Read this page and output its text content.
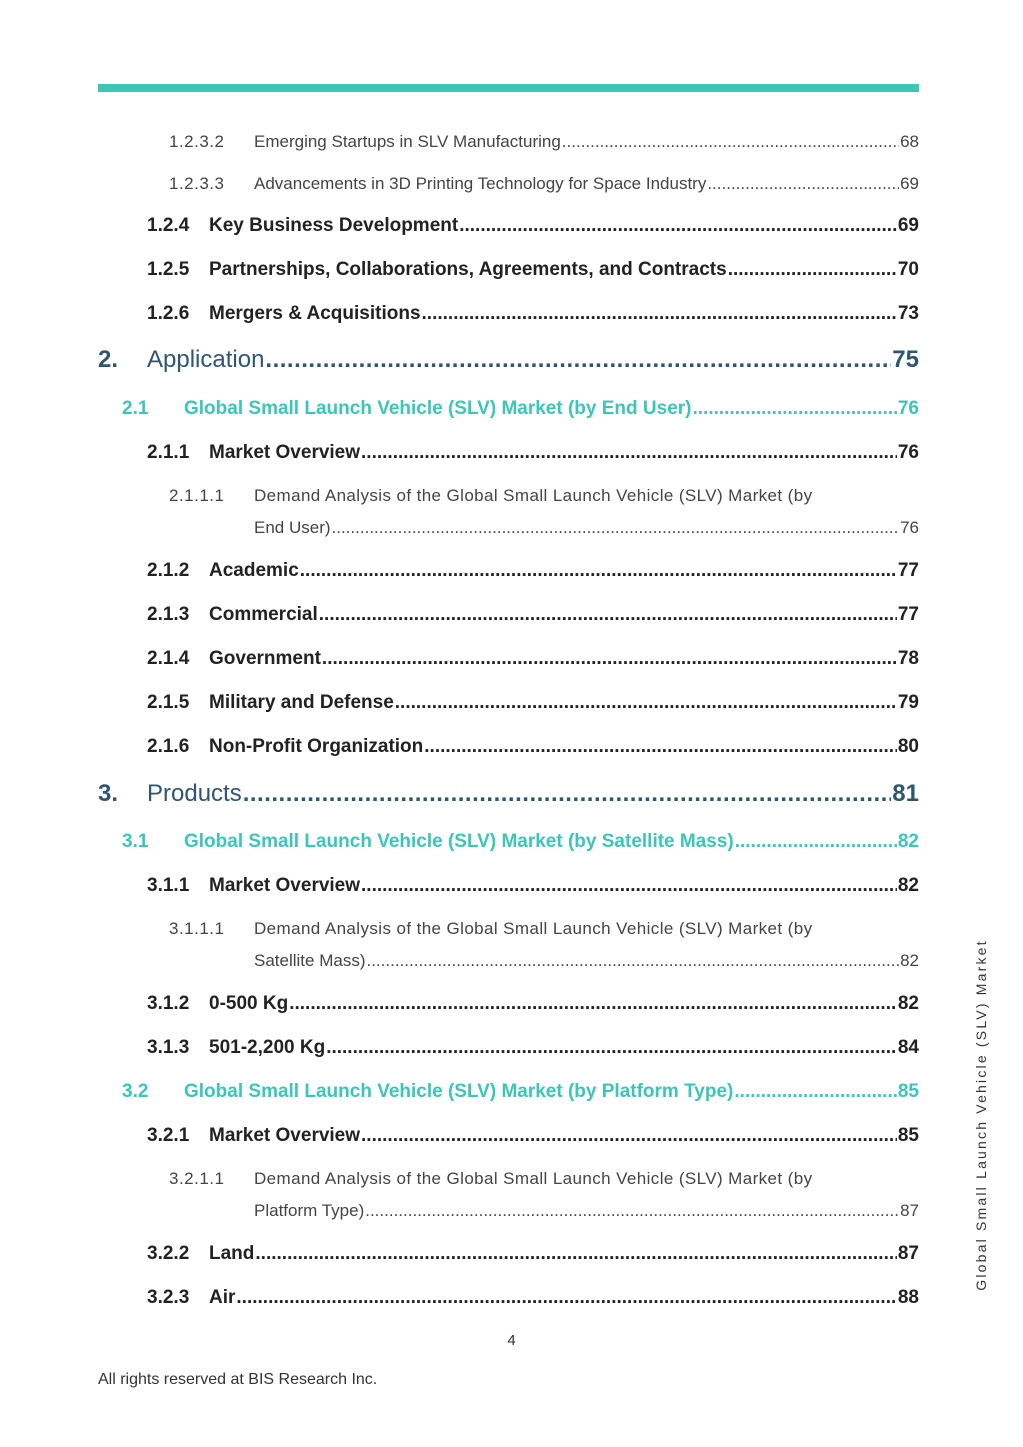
1.2.3.2	Emerging Startups in SLV Manufacturing .....	68
1.2.3.3	Advancements in 3D Printing Technology for Space Industry .....	69
1.2.4	Key Business Development .....	69
1.2.5	Partnerships, Collaborations, Agreements, and Contracts .....	70
1.2.6	Mergers & Acquisitions .....	73
2.	Application .....	75
2.1	Global Small Launch Vehicle (SLV) Market (by End User) .....	76
2.1.1	Market Overview .....	76
2.1.1.1 Demand Analysis of the Global Small Launch Vehicle (SLV) Market (by
End User) .....	76
2.1.2	Academic .....	77
2.1.3	Commercial .....	77
2.1.4	Government .....	78
2.1.5	Military and Defense .....	79
2.1.6	Non-Profit Organization .....	80
3.	Products .....	81
3.1	Global Small Launch Vehicle (SLV) Market (by Satellite Mass) .....	82
3.1.1	Market Overview .....	82
3.1.1.1 Demand Analysis of the Global Small Launch Vehicle (SLV) Market (by
Satellite Mass) .....	82
3.1.2	0-500 Kg .....	82
3.1.3	501-2,200 Kg .....	84
3.2	Global Small Launch Vehicle (SLV) Market (by Platform Type) .....	85
3.2.1	Market Overview .....	85
3.2.1.1 Demand Analysis of the Global Small Launch Vehicle (SLV) Market (by
Platform Type) .....	87
3.2.2	Land .....	87
3.2.3	Air .....	88
4
All rights reserved at BIS Research Inc.
Global Small Launch Vehicle (SLV) Market
